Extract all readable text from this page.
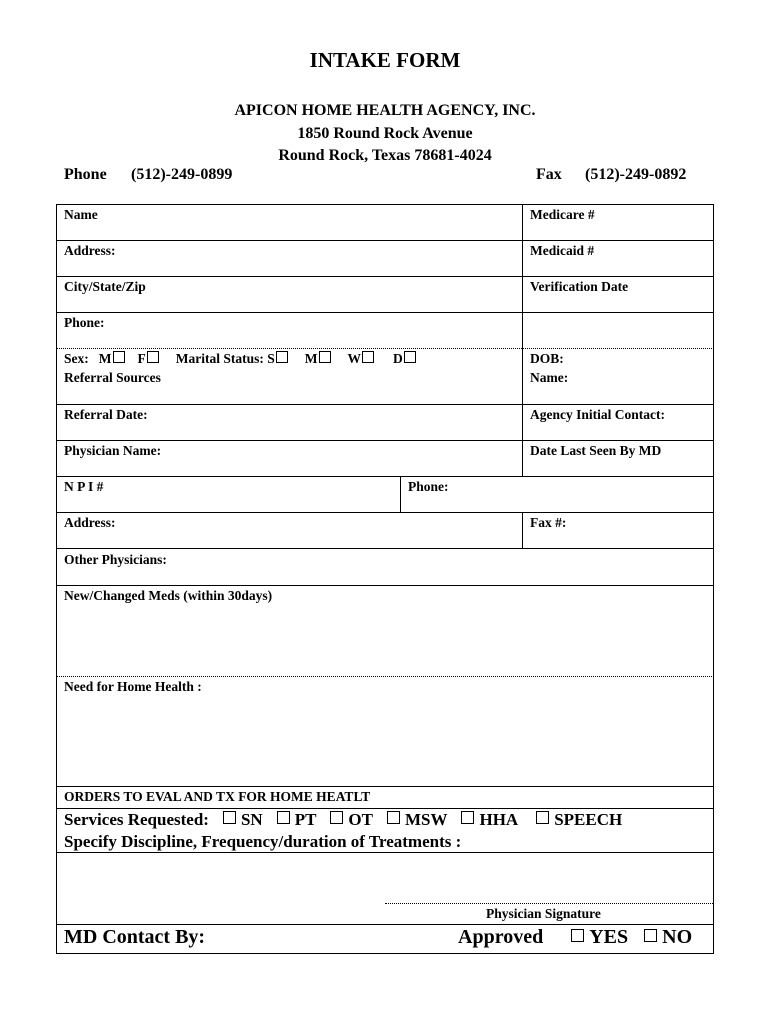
INTAKE FORM
APICON HOME HEALTH AGENCY, INC.
1850 Round Rock Avenue
Round Rock, Texas 78681-4024
Phone (512)-249-0899	Fax (512)-249-0892
Name	Medicare #
Address:	Medicaid #
City/State/Zip	Verification Date
Phone:
Sex: M F Marital Status: S M W D	DOB:
Referral Sources	Name:
Referral Date:	Agency Initial Contact:
Physician Name:	Date Last Seen By MD
N P I #	Phone:
Address:	Fax #:
Other Physicians:
New/Changed Meds (within 30days)
Need for Home Health :
ORDERS TO EVAL AND TX FOR HOME HEATLT
Services Requested: SN PT OT MSW HHA SPEECH
Specify Discipline, Frequency/duration of Treatments :
Physician Signature
MD Contact By:	Approved YES NO
